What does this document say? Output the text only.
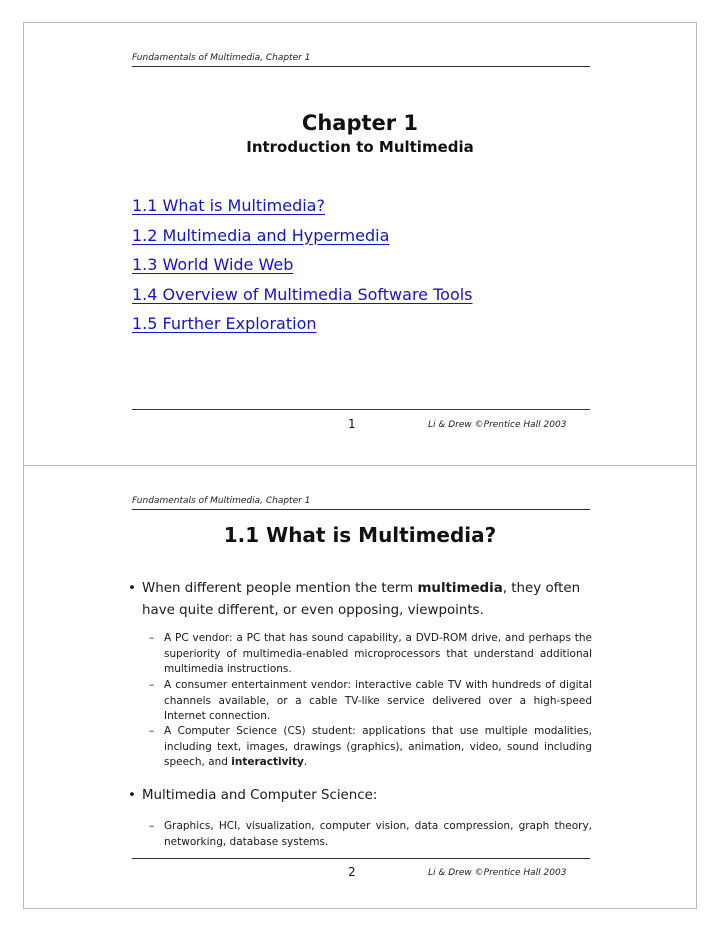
Fundamentals of Multimedia, Chapter 1
Chapter 1
Introduction to Multimedia
1.1 What is Multimedia?
1.2 Multimedia and Hypermedia
1.3 World Wide Web
1.4 Overview of Multimedia Software Tools
1.5 Further Exploration
1	Li & Drew ©Prentice Hall 2003
Fundamentals of Multimedia, Chapter 1
1.1 What is Multimedia?
• When different people mention the term multimedia, they often have quite different, or even opposing, viewpoints.
– A PC vendor: a PC that has sound capability, a DVD-ROM drive, and perhaps the superiority of multimedia-enabled microprocessors that understand additional multimedia instructions.
– A consumer entertainment vendor: interactive cable TV with hundreds of digital channels available, or a cable TV-like service delivered over a high-speed Internet connection.
– A Computer Science (CS) student: applications that use multiple modalities, including text, images, drawings (graphics), animation, video, sound including speech, and interactivity.
• Multimedia and Computer Science:
– Graphics, HCI, visualization, computer vision, data compression, graph theory, networking, database systems.
2	Li & Drew ©Prentice Hall 2003
